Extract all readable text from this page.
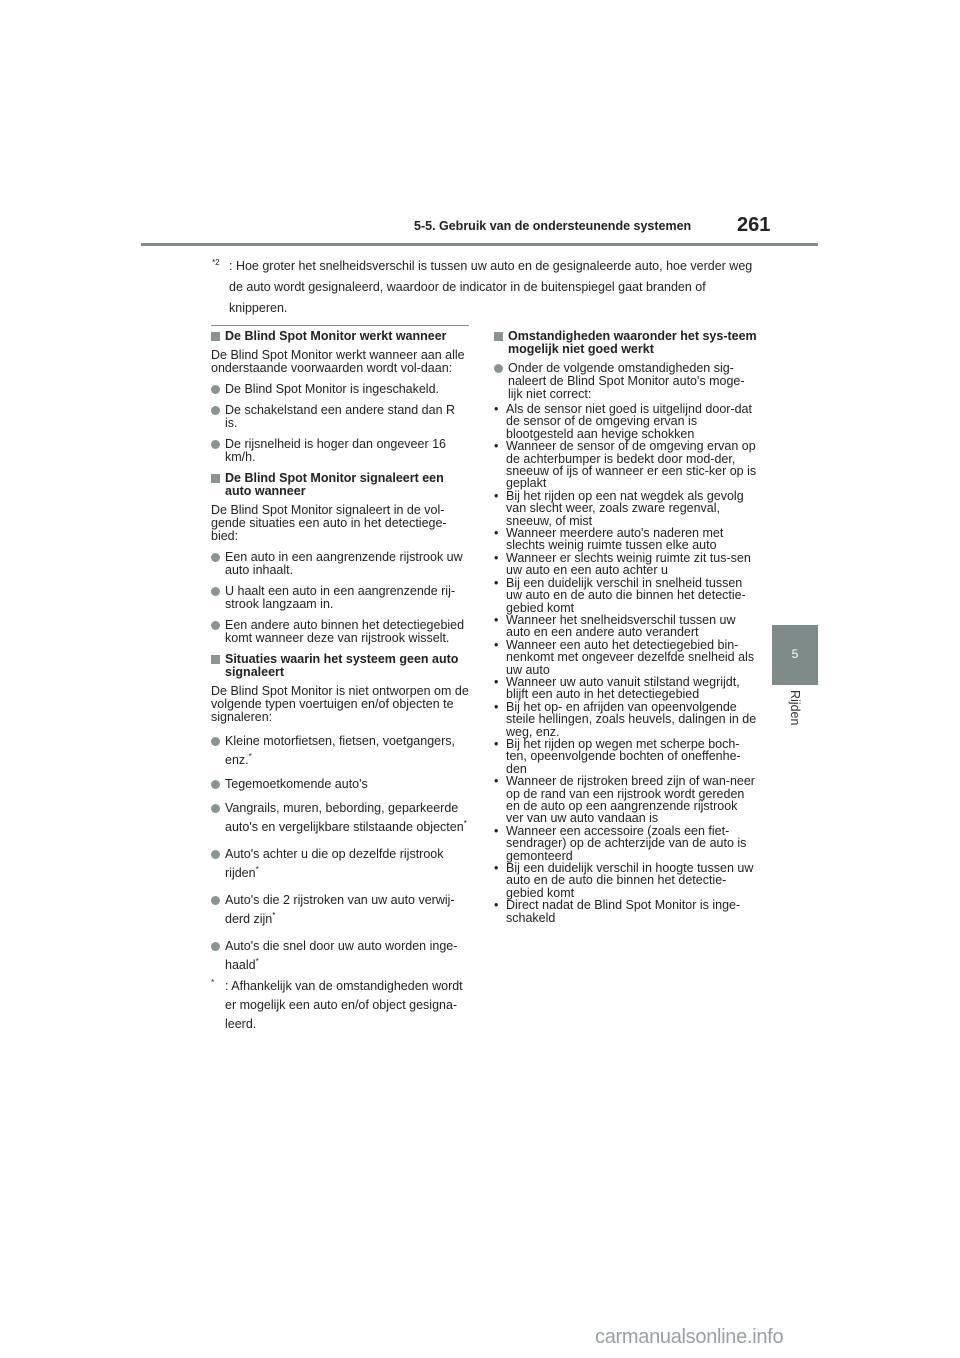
5-5. Gebruik van de ondersteunende systemen 261
5
Rijden
$^{*2}$ : Hoe groter het snelheidsverschil is tussen uw auto en de gesignaleerde auto, hoe verder weg de auto wordt gesignaleerd, waardoor de indicator in de buitenspiegel gaat branden of knipperen.
De Blind Spot Monitor werkt wanneer
De Blind Spot Monitor werkt wanneer aan alle onderstaande voorwaarden wordt vol-daan:
De Blind Spot Monitor is ingeschakeld.
De schakelstand een andere stand dan R is.
De rijsnelheid is hoger dan ongeveer 16 km/h.
De Blind Spot Monitor signaleert een auto wanneer
De Blind Spot Monitor signaleert in de vol-gende situaties een auto in het detectiege-bied:
Een auto in een aangrenzende rijstrook uw auto inhaalt.
U haalt een auto in een aangrenzende rij-strook langzaam in.
Een andere auto binnen het detectiegebied komt wanneer deze van rijstrook wisselt.
Situaties waarin het systeem geen auto signaleert
De Blind Spot Monitor is niet ontworpen om de volgende typen voertuigen en/of objecten te signaleren:
Kleine motorfietsen, fietsen, voetgangers, enz.*
Tegemoetkomende auto's
Vangrails, muren, bebording, geparkeerde auto's en vergelijkbare stilstaande objecten*
Auto's achter u die op dezelfde rijstrook rijden*
Auto's die 2 rijstroken van uw auto verwij-derd zijn*
Auto's die snel door uw auto worden inge-haald*
* : Afhankelijk van de omstandigheden wordt er mogelijk een auto en/of object gesigna-leerd.
Omstandigheden waaronder het sys-teem mogelijk niet goed werkt
Onder de volgende omstandigheden sig-naleert de Blind Spot Monitor auto's moge-lijk niet correct:
• Als de sensor niet goed is uitgelijnd door-dat de sensor of de omgeving ervan is blootgesteld aan hevige schokken
• Wanneer de sensor of de omgeving ervan op de achterbumper is bedekt door mod-der, sneeuw of ijs of wanneer er een stic-ker op is geplakt
• Bij het rijden op een nat wegdek als gevolg van slecht weer, zoals zware regenval, sneeuw, of mist
• Wanneer meerdere auto's naderen met slechts weinig ruimte tussen elke auto
• Wanneer er slechts weinig ruimte zit tus-sen uw auto en een auto achter u
• Bij een duidelijk verschil in snelheid tussen uw auto en de auto die binnen het detectie-gebied komt
• Wanneer het snelheidsverschil tussen uw auto en een andere auto verandert
• Wanneer een auto het detectiegebied bin-nenkomt met ongeveer dezelfde snelheid als uw auto
• Wanneer uw auto vanuit stilstand wegrijdt, blijft een auto in het detectiegebied
• Bij het op- en afrijden van opeenvolgende steile hellingen, zoals heuvels, dalingen in de weg, enz.
• Bij het rijden op wegen met scherpe boch-ten, opeenvolgende bochten of oneffenhe-den
• Wanneer de rijstroken breed zijn of wan-neer op de rand van een rijstrook wordt gereden en de auto op een aangrenzende rijstrook ver van uw auto vandaan is
• Wanneer een accessoire (zoals een fiet-sendrager) op de achterzijde van de auto is gemonteerd
• Bij een duidelijk verschil in hoogte tussen uw auto en de auto die binnen het detectie-gebied komt
• Direct nadat de Blind Spot Monitor is inge-schakeld
carmanualsonline.info
